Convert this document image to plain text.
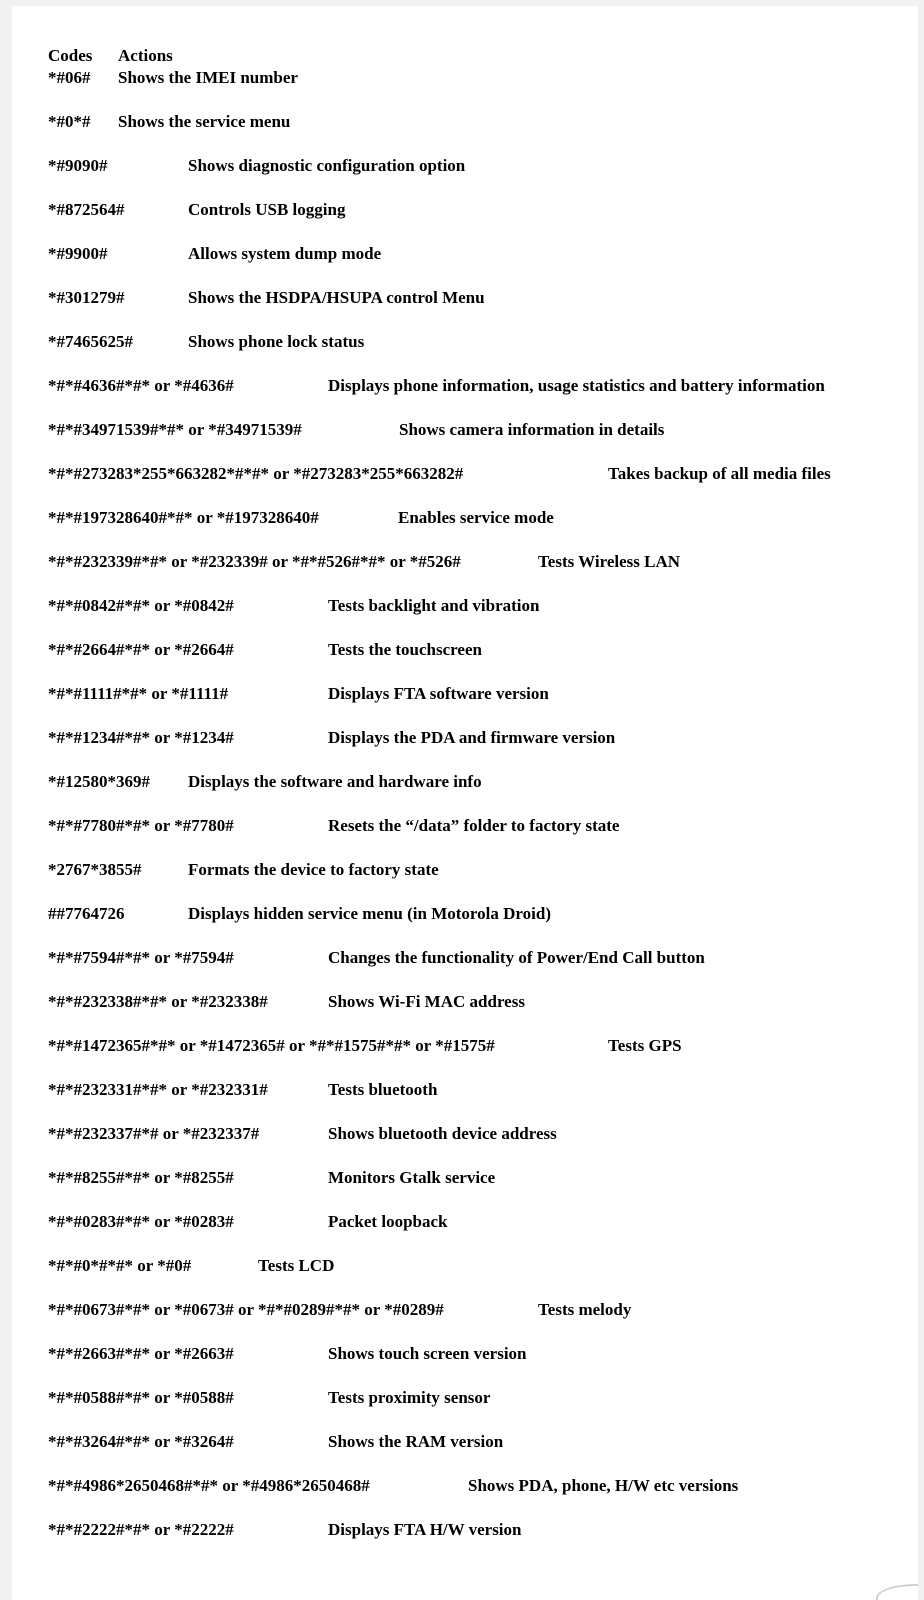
Codes Actions
*#06# Shows the IMEI number
*#0*# Shows the service menu
*#9090#	Shows diagnostic configuration option
*#872564#	Controls USB logging
*#9900#	Allows system dump mode
*#301279#	Shows the HSDPA/HSUPA control Menu
*#7465625#	Shows phone lock status
*#*#4636#*#* or *#4636#	Displays phone information, usage statistics and battery information
*#*#34971539#*#* or *#34971539#	Shows camera information in details
*#*#273283*255*663282*#*#* or *#273283*255*663282#	Takes backup of all media files
*#*#197328640#*#* or *#197328640#	Enables service mode
*#*#232339#*#* or *#232339# or *#*#526#*#* or *#526#	Tests Wireless LAN
*#*#0842#*#* or *#0842#	Tests backlight and vibration
*#*#2664#*#* or *#2664#	Tests the touchscreen
*#*#1111#*#* or *#1111#	Displays FTA software version
*#*#1234#*#* or *#1234#	Displays the PDA and firmware version
*#12580*369# Displays the software and hardware info
*#*#7780#*#* or *#7780#	Resets the “/data” folder to factory state
*2767*3855#	Formats the device to factory state
##7764726	Displays hidden service menu (in Motorola Droid)
*#*#7594#*#* or *#7594#	Changes the functionality of Power/End Call button
*#*#232338#*#* or *#232338#	Shows Wi-Fi MAC address
*#*#1472365#*#* or *#1472365# or *#*#1575#*#* or *#1575#	Tests GPS
*#*#232331#*#* or *#232331#	Tests bluetooth
*#*#232337#*# or *#232337#	Shows bluetooth device address
*#*#8255#*#* or *#8255#	Monitors Gtalk service
*#*#0283#*#* or *#0283#	Packet loopback
*#*#0*#*#* or *#0#	Tests LCD
*#*#0673#*#* or *#0673# or *#*#0289#*#* or *#0289#	Tests melody
*#*#2663#*#* or *#2663#	Shows touch screen version
*#*#0588#*#* or *#0588#	Tests proximity sensor
*#*#3264#*#* or *#3264#	Shows the RAM version
*#*#4986*2650468#*#* or *#4986*2650468#	Shows PDA, phone, H/W etc versions
*#*#2222#*#* or *#2222#	Displays FTA H/W version
